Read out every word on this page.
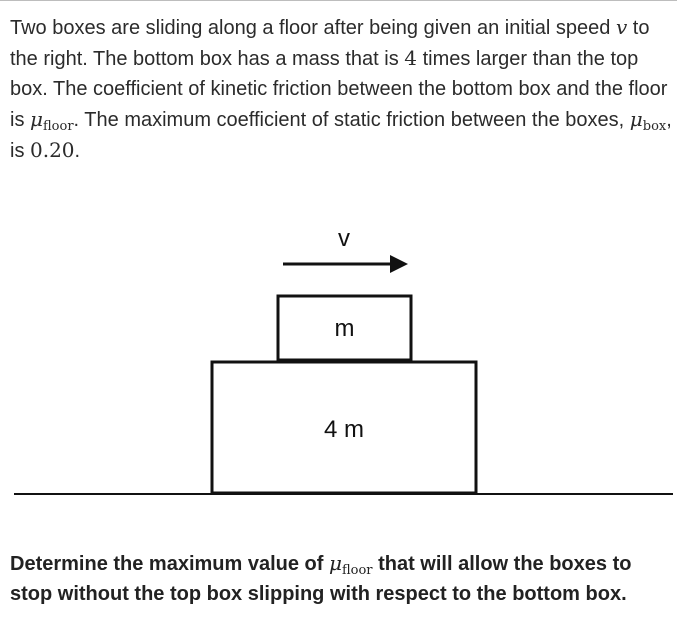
Two boxes are sliding along a floor after being given an initial speed v to the right. The bottom box has a mass that is 4 times larger than the top box. The coefficient of kinetic friction between the bottom box and the floor is $\mu_{floor}$. The maximum coefficient of static friction between the boxes, $\mu_{box}$, is 0.20.
v
m
4 m
Determine the maximum value of $\mu_{floor}$ that will allow the boxes to stop without the top box slipping with respect to the bottom box.
